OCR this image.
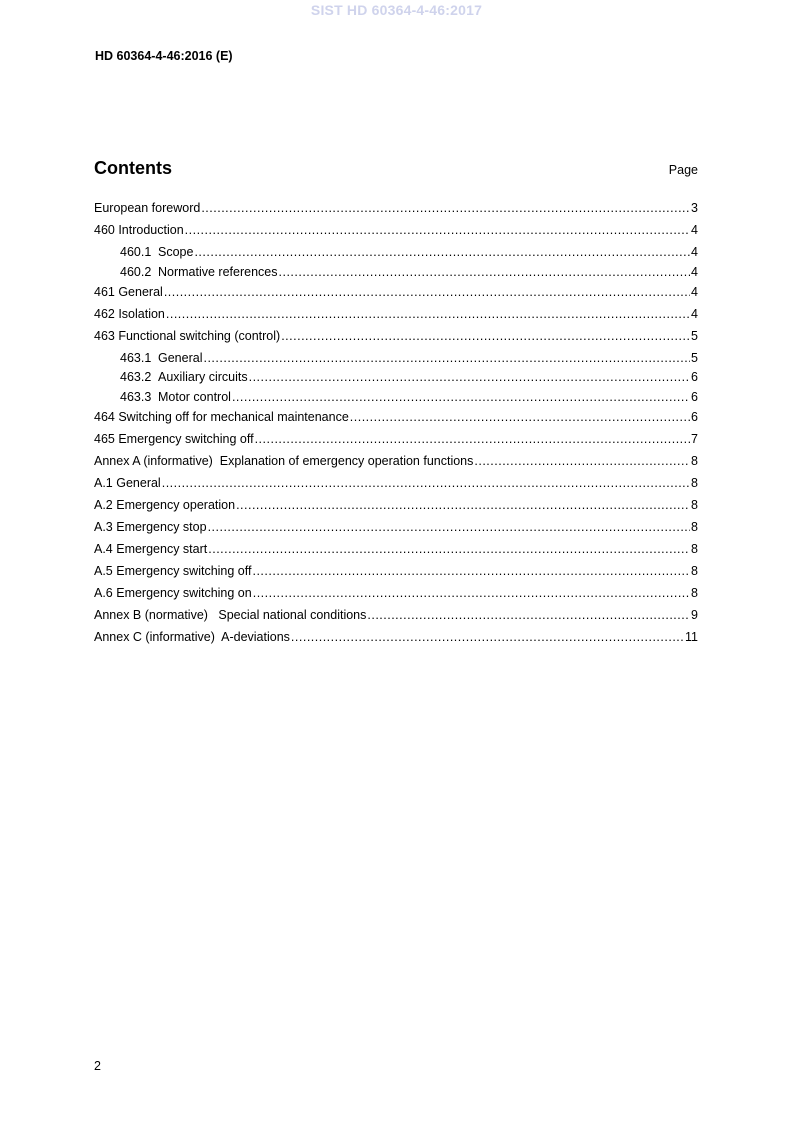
SIST HD 60364-4-46:2017
HD 60364-4-46:2016 (E)
Contents	Page
European foreword .....	3
460 Introduction .....	4
460.1 Scope .....	4
460.2 Normative references .....	4
461 General .....	4
462 Isolation .....	4
463 Functional switching (control) .....	5
463.1 General .....	5
463.2 Auxiliary circuits .....	6
463.3 Motor control .....	6
464 Switching off for mechanical maintenance .....	6
465 Emergency switching off .....	7
Annex A (informative)  Explanation of emergency operation functions .....	8
A.1 General .....	8
A.2 Emergency operation .....	8
A.3 Emergency stop .....	8
A.4 Emergency start .....	8
A.5 Emergency switching off .....	8
A.6 Emergency switching on .....	8
Annex B (normative)   Special national conditions .....	9
Annex C (informative)  A-deviations .....	11
2
